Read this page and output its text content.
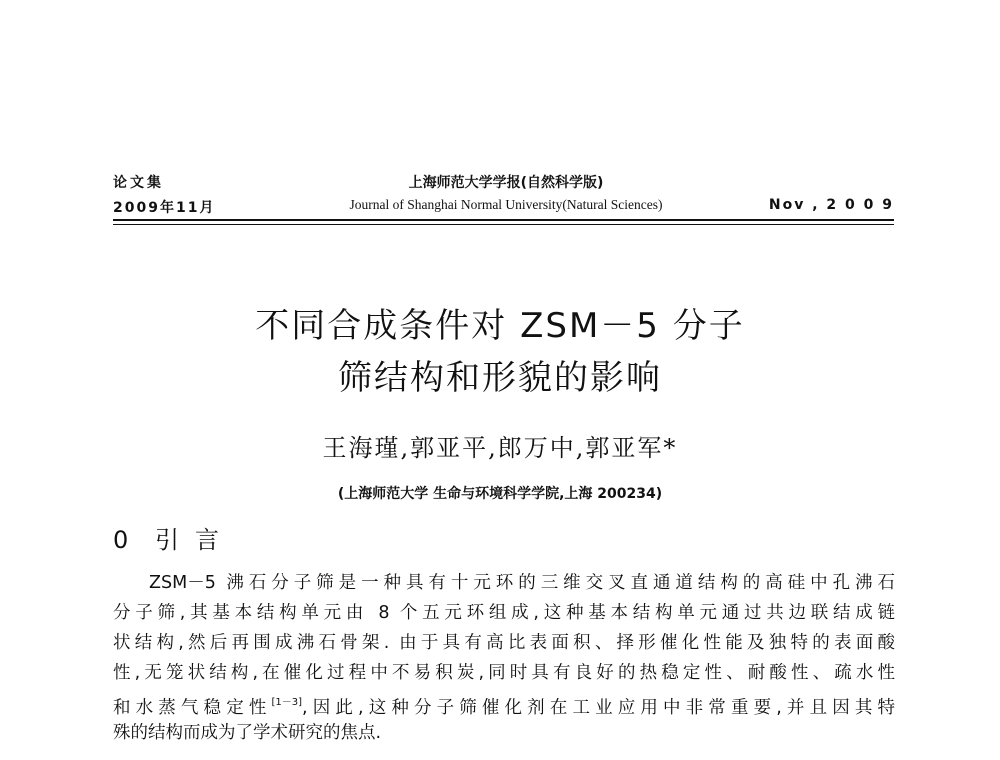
论文集
2009年11月
上海师范大学学报(自然科学版)
Journal of Shanghai Normal University(Natural Sciences)	Nov , 2 0 0 9
不同合成条件对 ZSM－5 分子
筛结构和形貌的影响
王海瑾,郭亚平,郎万中,郭亚军*
(上海师范大学 生命与环境科学学院,上海 200234)
0 引 言
ZSM－5 沸石分子筛是一种具有十元环的三维交叉直通道结构的高硅中孔沸石
分子筛,其基本结构单元由 8 个五元环组成,这种基本结构单元通过共边联结成链
状结构,然后再围成沸石骨架. 由于具有高比表面积、择形催化性能及独特的表面酸
性,无笼状结构,在催化过程中不易积炭,同时具有良好的热稳定性、耐酸性、疏水性
和水蒸气稳定性[1－3],因此,这种分子筛催化剂在工业应用中非常重要,并且因其特
殊的结构而成为了学术研究的焦点.
